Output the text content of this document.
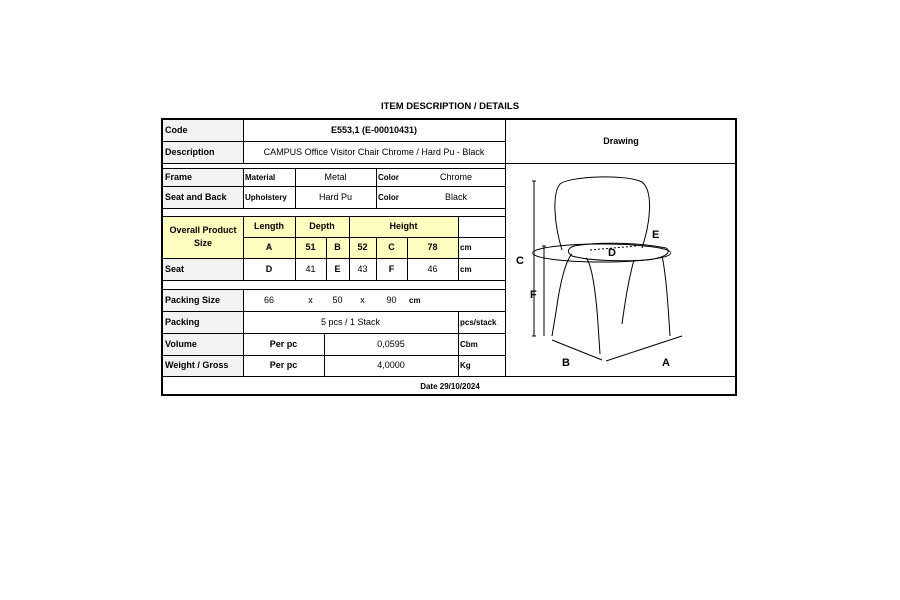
ITEM DESCRIPTION / DETAILS
Code	E553,1 (E-00010431)
Description	CAMPUS Office Visitor Chair Chrome / Hard Pu - Black
Drawing
Frame	Material	Metal	Color	Chrome
Seat and Back	Upholstery	Hard Pu	Color	Black
Overall Product Size
Length	Depth	Height
A	51	B	52	C	78	cm
Seat	D	41	E	43	F	46	cm
Packing Size	66	x	50	x	90	cm
Packing	5 pcs / 1 Stack	pcs/stack
Volume	Per pc	0,0595	Cbm
Weight / Gross	Per pc	4,0000	Kg
Date 29/10/2024
C
F
D
E
B	A
